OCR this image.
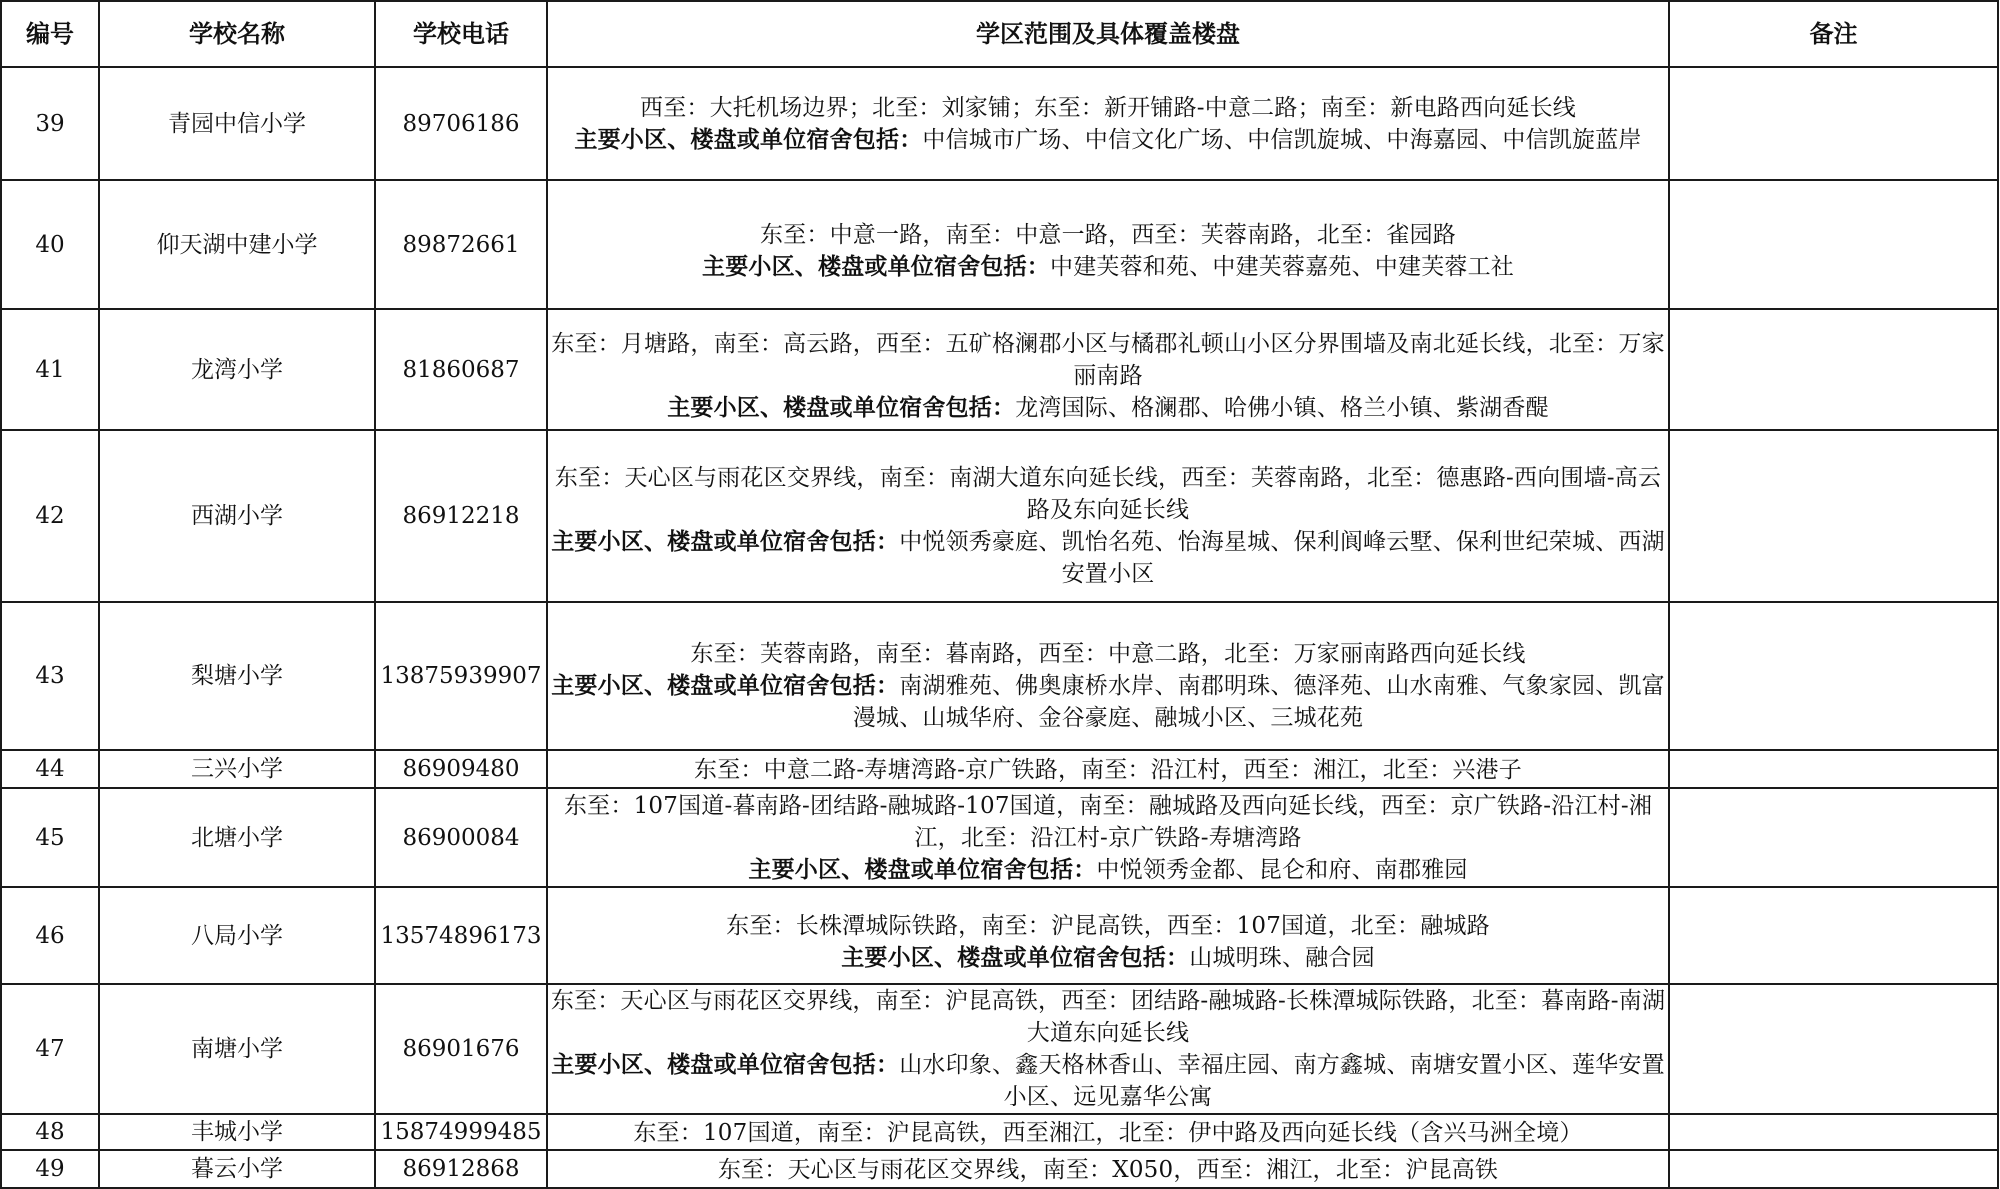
编号	学校名称	学校电话	学区范围及具体覆盖楼盘	备注
39	青园中信小学	89706186	西至：大托机场边界；北至：刘家铺；东至：新开铺路-中意二路；南至：新电路西向延长线
主要小区、楼盘或单位宿舍包括：中信城市广场、中信文化广场、中信凯旋城、中海嘉园、中信凯旋蓝岸	
40	仰天湖中建小学	89872661	东至：中意一路，南至：中意一路，西至：芙蓉南路，北至：雀园路
主要小区、楼盘或单位宿舍包括：中建芙蓉和苑、中建芙蓉嘉苑、中建芙蓉工社	
41	龙湾小学	81860687	东至：月塘路，南至：高云路，西至：五矿格澜郡小区与橘郡礼顿山小区分界围墙及南北延长线，北至：万家丽南路
主要小区、楼盘或单位宿舍包括：龙湾国际、格澜郡、哈佛小镇、格兰小镇、紫湖香醍	
42	西湖小学	86912218	东至：天心区与雨花区交界线，南至：南湖大道东向延长线，西至：芙蓉南路，北至：德惠路-西向围墙-高云路及东向延长线
主要小区、楼盘或单位宿舍包括：中悦领秀豪庭、凯怡名苑、怡海星城、保利阆峰云墅、保利世纪荣城、西湖安置小区	
43	梨塘小学	13875939907	东至：芙蓉南路，南至：暮南路，西至：中意二路，北至：万家丽南路西向延长线
主要小区、楼盘或单位宿舍包括：南湖雅苑、佛奥康桥水岸、南郡明珠、德泽苑、山水南雅、气象家园、凯富漫城、山城华府、金谷豪庭、融城小区、三城花苑	
44	三兴小学	86909480	东至：中意二路-寿塘湾路-京广铁路，南至：沿江村，西至：湘江，北至：兴港子	

45	北塘小学	86900084	东至：107国道-暮南路-团结路-融城路-107国道，南至：融城路及西向延长线，西至：京广铁路-沿江村-湘江，北至：沿江村-京广铁路-寿塘湾路
主要小区、楼盘或单位宿舍包括：中悦领秀金都、昆仑和府、南郡雅园	
46	八局小学	13574896173	东至：长株潭城际铁路，南至：沪昆高铁，西至：107国道，北至：融城路
主要小区、楼盘或单位宿舍包括：山城明珠、融合园	
47	南塘小学	86901676	东至：天心区与雨花区交界线，南至：沪昆高铁，西至：团结路-融城路-长株潭城际铁路，北至：暮南路-南湖大道东向延长线
主要小区、楼盘或单位宿舍包括：山水印象、鑫天格林香山、幸福庄园、南方鑫城、南塘安置小区、莲华安置小区、远见嘉华公寓	
48	丰城小学	15874999485	东至：107国道，南至：沪昆高铁，西至湘江，北至：伊中路及西向延长线（含兴马洲全境）	

49	暮云小学	86912868	东至：天心区与雨花区交界线，南至：X050，西至：湘江，北至：沪昆高铁	
